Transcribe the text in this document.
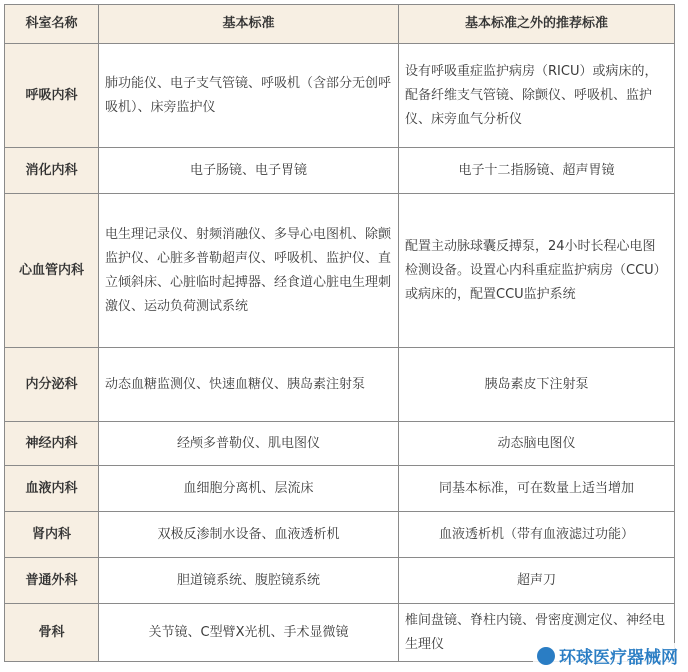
科室名称	基本标准	基本标准之外的推荐标准
呼吸内科	肺功能仪、电子支气管镜、呼吸机（含部分无创呼吸机）、床旁监护仪	设有呼吸重症监护病房（RICU）或病床的，配备纤维支气管镜、除颤仪、呼吸机、监护仪、床旁血气分析仪
消化内科	电子肠镜、电子胃镜	电子十二指肠镜、超声胃镜
心血管内科	电生理记录仪、射频消融仪、多导心电图机、除颤监护仪、心脏多普勒超声仪、呼吸机、监护仪、直立倾斜床、心脏临时起搏器、经食道心脏电生理刺激仪、运动负荷测试系统	配置主动脉球囊反搏泵，24小时长程心电图检测设备。设置心内科重症监护病房（CCU）或病床的，配置CCU监护系统
内分泌科	动态血糖监测仪、快速血糖仪、胰岛素注射泵	胰岛素皮下注射泵
神经内科	经颅多普勒仪、肌电图仪	动态脑电图仪
血液内科	血细胞分离机、层流床	同基本标准，可在数量上适当增加
肾内科	双极反渗制水设备、血液透析机	血液透析机（带有血液滤过功能）
普通外科	胆道镜系统、腹腔镜系统	超声刀
骨科	关节镜、C型臂X光机、手术显微镜	椎间盘镜、脊柱内镜、骨密度测定仪、神经电生理仪
环球医疗器械网
